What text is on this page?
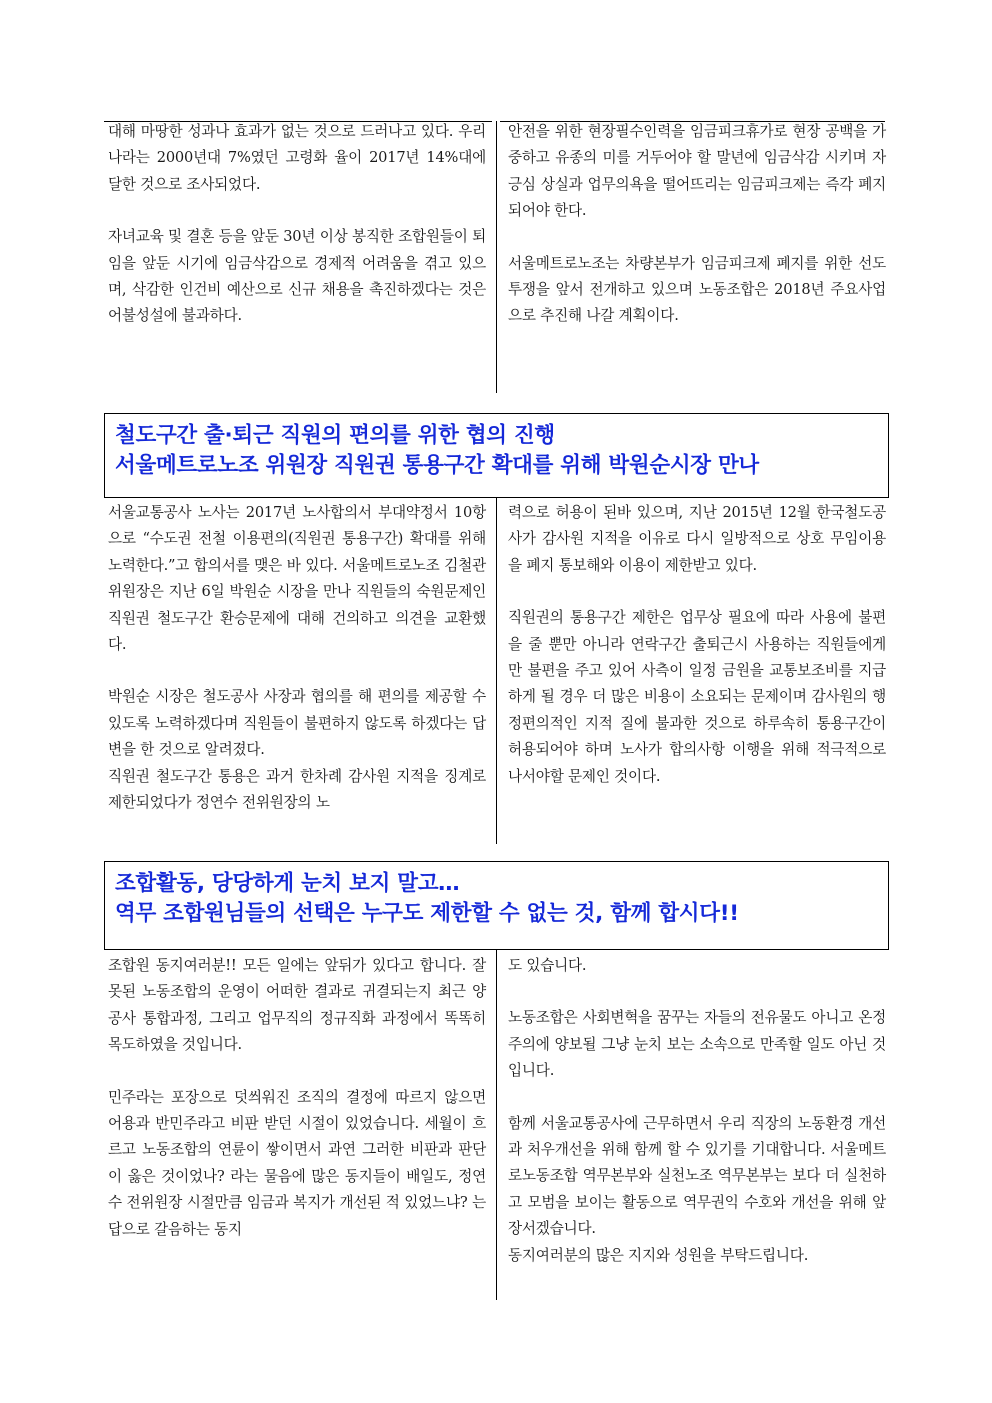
대해 마땅한 성과나 효과가 없는 것으로 드러나고 있다. 우리나라는 2000년대 7%였던 고령화 율이 2017년 14%대에 달한 것으로 조사되었다.

자녀교육 및 결혼 등을 앞둔 30년 이상 봉직한 조합원들이 퇴임을 앞둔 시기에 임금삭감으로 경제적 어려움을 겪고 있으며, 삭감한 인건비 예산으로 신규 채용을 촉진하겠다는 것은 어불성설에 불과하다.

안전을 위한 현장필수인력을 임금피크휴가로 현장 공백을 가중하고 유종의 미를 거두어야 할 말년에 임금삭감 시키며 자긍심 상실과 업무의욕을 떨어뜨리는 임금피크제는 즉각 폐지 되어야 한다.

서울메트로노조는 차량본부가 임금피크제 폐지를 위한 선도투쟁을 앞서 전개하고 있으며 노동조합은 2018년 주요사업으로 추진해 나갈 계획이다.

철도구간 출·퇴근 직원의 편의를 위한 협의 진행
서울메트로노조 위원장 직원권 통용구간 확대를 위해 박원순시장 만나

서울교통공사 노사는 2017년 노사합의서 부대약정서 10항으로 “수도권 전철 이용편의(직원권 통용구간) 확대를 위해 노력한다.”고 합의서를 맺은 바 있다. 서울메트로노조 김철관 위원장은 지난 6일 박원순 시장을 만나 직원들의 숙원문제인 직원권 철도구간 환승문제에 대해 건의하고 의견을 교환했다.

박원순 시장은 철도공사 사장과 협의를 해 편의를 제공할 수 있도록 노력하겠다며 직원들이 불편하지 않도록 하겠다는 답변을 한 것으로 알려졌다.

직원권 철도구간 통용은 과거 한차례 감사원 지적을 징계로 제한되었다가 정연수 전위원장의 노

력으로 허용이 된바 있으며, 지난 2015년 12월 한국철도공사가 감사원 지적을 이유로 다시 일방적으로 상호 무임이용을 폐지 통보해와 이용이 제한받고 있다.

직원권의 통용구간 제한은 업무상 필요에 따라 사용에 불편을 줄 뿐만 아니라 연락구간 출퇴근시 사용하는 직원들에게만 불편을 주고 있어 사측이 일정 금원을 교통보조비를 지급하게 될 경우 더 많은 비용이 소요되는 문제이며 감사원의 행정편의적인 지적 질에 불과한 것으로 하루속히 통용구간이 허용되어야 하며 노사가 합의사항 이행을 위해 적극적으로 나서야할 문제인 것이다.

조합활동, 당당하게 눈치 보지 말고…
역무 조합원님들의 선택은 누구도 제한할 수 없는 것, 함께 합시다!!

조합원 동지여러분!! 모든 일에는 앞뒤가 있다고 합니다. 잘못된 노동조합의 운영이 어떠한 결과로 귀결되는지 최근 양공사 통합과정, 그리고 업무직의 정규직화 과정에서 똑똑히 목도하였을 것입니다.

민주라는 포장으로 덧씌워진 조직의 결정에 따르지 않으면 어용과 반민주라고 비판 받던 시절이 있었습니다. 세월이 흐르고 노동조합의 연륜이 쌓이면서 과연 그러한 비판과 판단이 옳은 것이었나? 라는 물음에 많은 동지들이 배일도, 정연수 전위원장 시절만큼 임금과 복지가 개선된 적 있었느냐? 는 답으로 갈음하는 동지

도 있습니다.

노동조합은 사회변혁을 꿈꾸는 자들의 전유물도 아니고 온정주의에 양보될 그냥 눈치 보는 소속으로 만족할 일도 아닌 것입니다.

함께 서울교통공사에 근무하면서 우리 직장의 노동환경 개선과 처우개선을 위해 함께 할 수 있기를 기대합니다. 서울메트로노동조합 역무본부와 실천노조 역무본부는 보다 더 실천하고 모범을 보이는 활동으로 역무권익 수호와 개선을 위해 앞장서겠습니다.

동지여러분의 많은 지지와 성원을 부탁드립니다.
